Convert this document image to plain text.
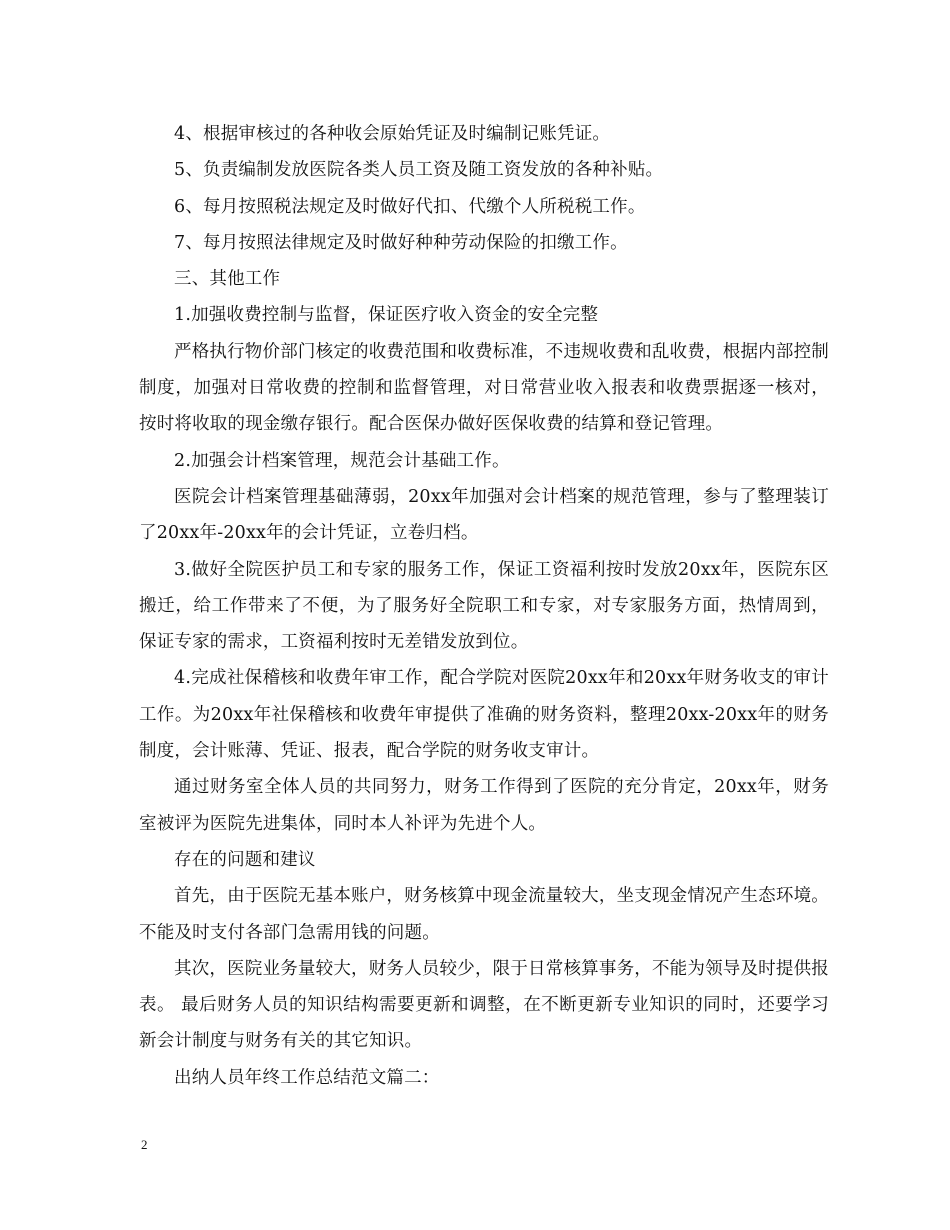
4、根据审核过的各种收会原始凭证及时编制记账凭证。

5、负责编制发放医院各类人员工资及随工资发放的各种补贴。

6、每月按照税法规定及时做好代扣、代缴个人所税税工作。

7、每月按照法律规定及时做好种种劳动保险的扣缴工作。

三、其他工作

1.加强收费控制与监督，保证医疗收入资金的安全完整

严格执行物价部门核定的收费范围和收费标准，不违规收费和乱收费，根据内部控制制度，加强对日常收费的控制和监督管理，对日常营业收入报表和收费票据逐一核对，按时将收取的现金缴存银行。配合医保办做好医保收费的结算和登记管理。

2.加强会计档案管理，规范会计基础工作。

医院会计档案管理基础薄弱，20xx年加强对会计档案的规范管理，参与了整理装订了20xx年-20xx年的会计凭证，立卷归档。

3.做好全院医护员工和专家的服务工作，保证工资福利按时发放20xx年，医院东区搬迁，给工作带来了不便，为了服务好全院职工和专家，对专家服务方面，热情周到，保证专家的需求，工资福利按时无差错发放到位。

4.完成社保稽核和收费年审工作，配合学院对医院20xx年和20xx年财务收支的审计工作。为20xx年社保稽核和收费年审提供了准确的财务资料，整理20xx-20xx年的财务制度，会计账薄、凭证、报表，配合学院的财务收支审计。

通过财务室全体人员的共同努力，财务工作得到了医院的充分肯定，20xx年，财务室被评为医院先进集体，同时本人补评为先进个人。

存在的问题和建议

首先，由于医院无基本账户，财务核算中现金流量较大，坐支现金情况产生态环境。不能及时支付各部门急需用钱的问题。

其次，医院业务量较大，财务人员较少，限于日常核算事务，不能为领导及时提供报表。 最后财务人员的知识结构需要更新和调整，在不断更新专业知识的同时，还要学习新会计制度与财务有关的其它知识。

出纳人员年终工作总结范文篇二：

2
